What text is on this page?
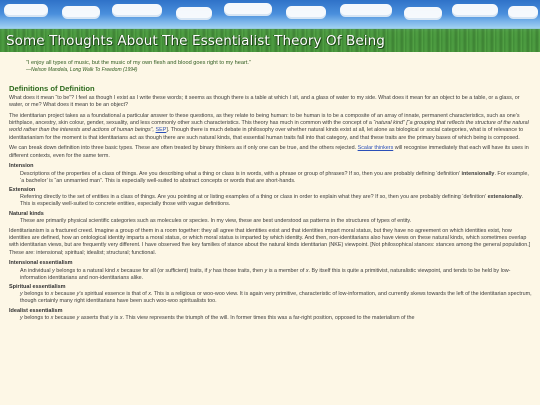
Some Thoughts About The Essentialist Theory Of Being
“I enjoy all types of music, but the music of my own flesh and blood goes right to my heart.”
—Nelson Mandela, Long Walk To Freedom (1994)
Definitions of Definition
What does it mean “to be”? I feel as though I exist as I write these words; it seems as though there is a table at which I sit, and a glass of water to my side. What does it mean for an object to be a table, or a glass, or water, or me? What does it mean to be an object?
The identitarian project takes as a foundational a particular answer to these questions, as they relate to being human: to be human is to be a composite of an array of innate, permanent characteristics, such as one’s birthplace, ancestry, skin colour, gender, sexuality, and less commonly other such characteristics. This theory has much in common with the concept of a “natural kind” [“a grouping that reflects the structure of the natural world rather than the interests and actions of human beings”, SEP]. Though there is much debate in philosophy over whether natural kinds exist at all, let alone as biological or social categories, what is of relevance to identitarianism for the moment is that identitarians act as though there are such natural kinds, that essential human traits fall into that category, and that these traits are the primary bases of which being is composed.
We can break down definition into three basic types. These are often treated by binary thinkers as if only one can be true, and the others rejected. Scalar thinkers will recognise immediately that each will have its uses in different contexts, even for the same term.
Intension
Descriptions of the properties of a class of things. Are you describing what a thing or class is in words, with a phrase or group of phrases? If so, then you are probably defining ‘definition’ intensionally. For example, ‘a bachelor’ is “an unmarried man”. This is especially well-suited to abstract concepts or words that are short-hands.
Extension
Referring directly to the set of entities in a class of things. Are you pointing at or listing examples of a thing or class in order to explain what they are? If so, then you are probably defining ‘definition’ extensionally. This is especially well-suited to concrete entities, especially those with vague definitions.
Natural kinds
These are primarily physical scientific categories such as molecules or species. In my view, these are best understood as patterns in the structures of types of entity.
Identitarianism is a fractured creed. Imagine a group of them in a room together: they all agree that identities exist and that identities impart moral status, but they have no agreement on which identities exist, how identities are defined, how an ontological identity imparts a moral status, or which moral status is imparted by which identity. And then, non-identitarians also have views on these natural kinds, which sometimes overlap with identitarian views, but are frequently very different. I have observed five key families of stance about the natural kinds identitarian (NKE) viewpoint. [Not philosophical stances: stances among the general population.] These are: intensional; spiritual; idealist; structural; functional.
Intensional essentialism
An individual y belongs to a natural kind x because for all (or sufficient) traits, if y has those traits, then y is a member of x. By itself this is quite a primitivist, naturalistic viewpoint, and tends to be held by low-information identitarians and non-identitarians alike.
Spiritual essentialism
y belongs to x because y’s spiritual essence is that of x. This is a religious or woo-woo view. It is again very primitive, characteristic of low-information, and currently skews towards the left of the identitarian spectrum, though certainly many right identitarians have been such woo-woo spiritualists too.
Idealist essentialism
y belongs to x because y asserts that y is x. This view represents the triumph of the will. In former times this was a far-right position, opposed to the materialism of the
